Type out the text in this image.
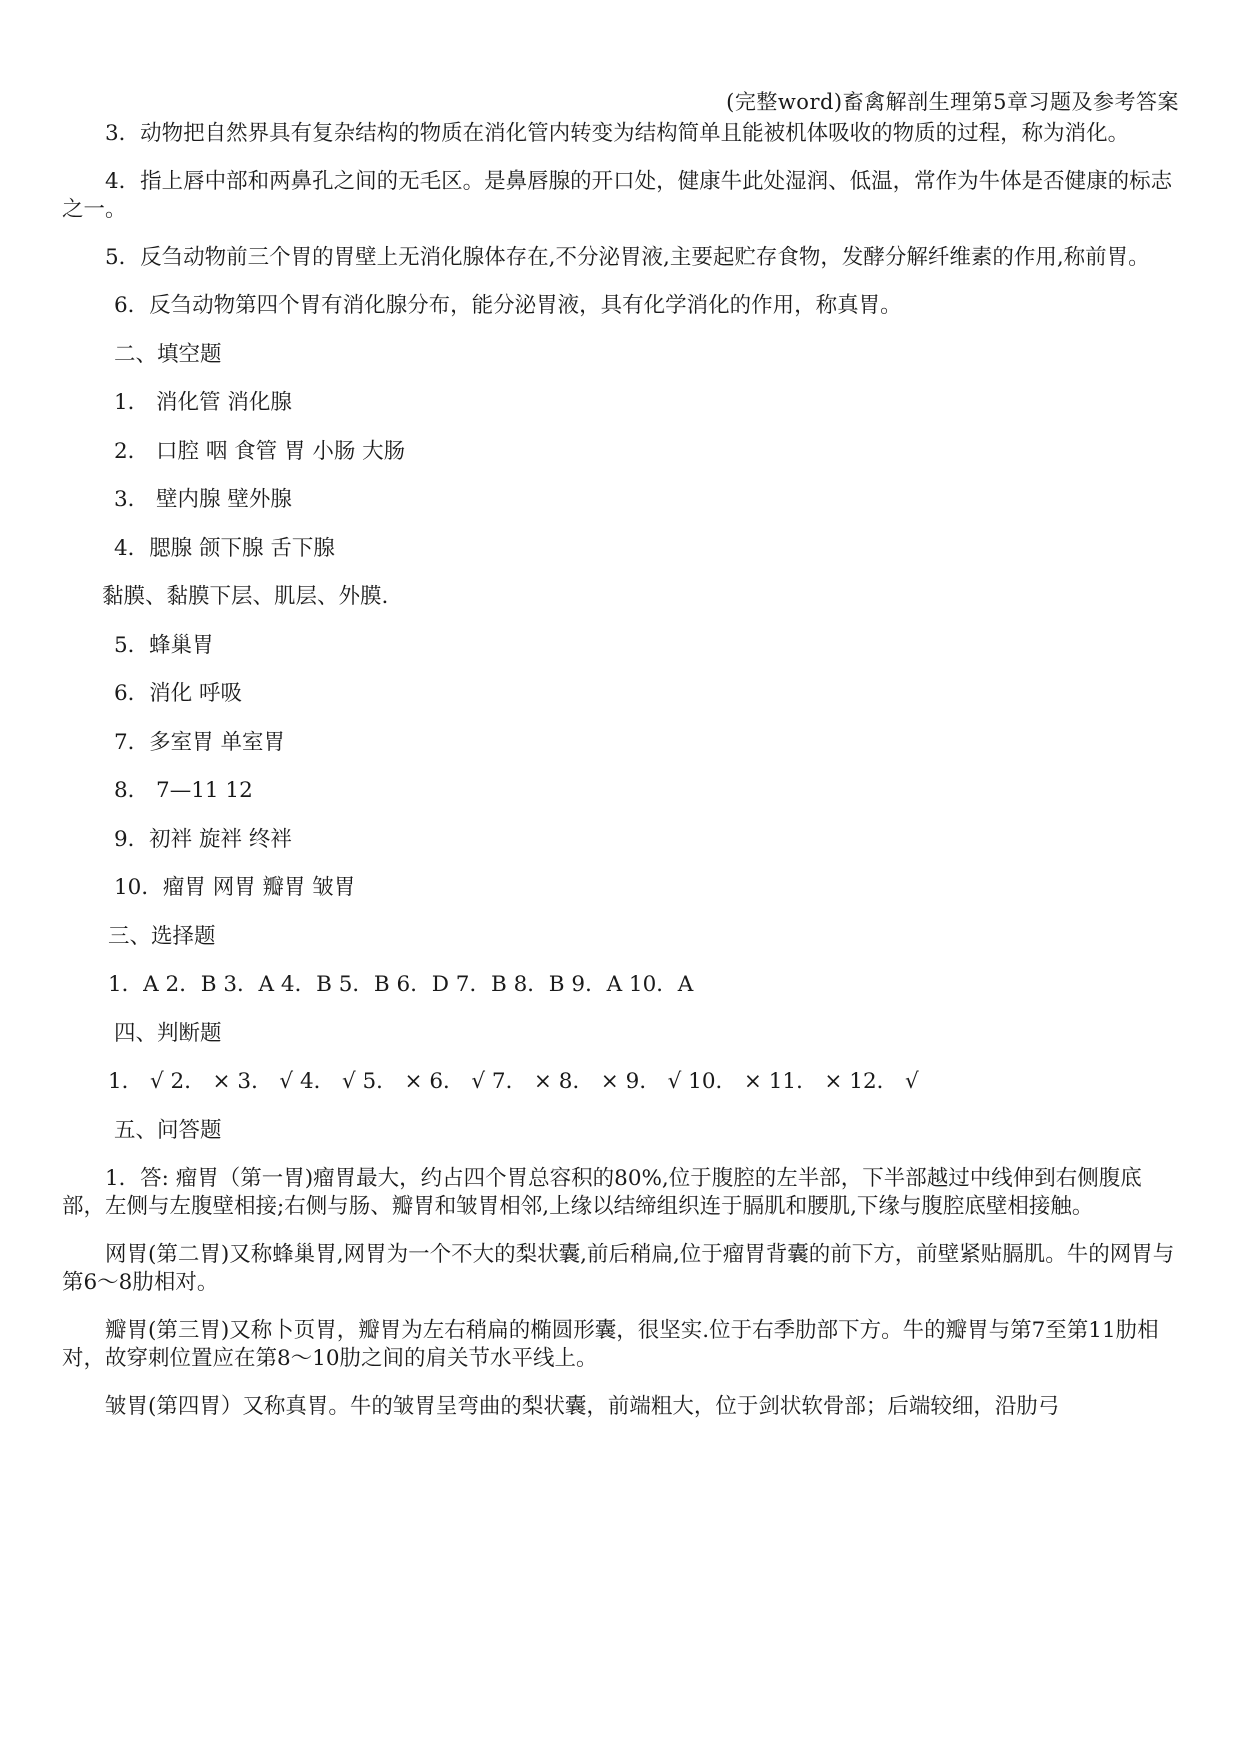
(完整word)畜禽解剖生理第5章习题及参考答案

3．动物把自然界具有复杂结构的物质在消化管内转变为结构简单且能被机体吸收的物质的过程，称为消化。

4．指上唇中部和两鼻孔之间的无毛区。是鼻唇腺的开口处，健康牛此处湿润、低温，常作为牛体是否健康的标志之一。

5．反刍动物前三个胃的胃壁上无消化腺体存在,不分泌胃液,主要起贮存食物，发酵分解纤维素的作用,称前胃。

6．反刍动物第四个胃有消化腺分布，能分泌胃液，具有化学消化的作用，称真胃。
二、填空题
1． 消化管 消化腺
2． 口腔 咽 食管 胃 小肠 大肠
3． 壁内腺 壁外腺
4．腮腺 颌下腺 舌下腺
黏膜、黏膜下层、肌层、外膜.
5．蜂巢胃
6．消化 呼吸
7．多室胃 单室胃
8． 7—11 12
9．初袢 旋袢 终袢
10．瘤胃 网胃 瓣胃 皱胃
三、选择题
1．A 2．B 3．A 4．B 5．B 6．D 7．B 8．B 9．A 10．A
四、判断题
1． √ 2． × 3． √ 4． √ 5． × 6． √ 7． × 8． × 9． √ 10． × 11． × 12． √
五、问答题

1．答: 瘤胃（第一胃)瘤胃最大，约占四个胃总容积的80%,位于腹腔的左半部，下半部越过中线伸到右侧腹底部，左侧与左腹壁相接;右侧与肠、瓣胃和皱胃相邻,上缘以结缔组织连于膈肌和腰肌,下缘与腹腔底壁相接触。

网胃(第二胃)又称蜂巢胃,网胃为一个不大的梨状囊,前后稍扁,位于瘤胃背囊的前下方，前壁紧贴膈肌。牛的网胃与第6～8肋相对。

瓣胃(第三胃)又称卜页胃，瓣胃为左右稍扁的椭圆形囊，很坚实.位于右季肋部下方。牛的瓣胃与第7至第11肋相对，故穿刺位置应在第8～10肋之间的肩关节水平线上。

皱胃(第四胃）又称真胃。牛的皱胃呈弯曲的梨状囊，前端粗大，位于剑状软骨部；后端较细，沿肋弓
